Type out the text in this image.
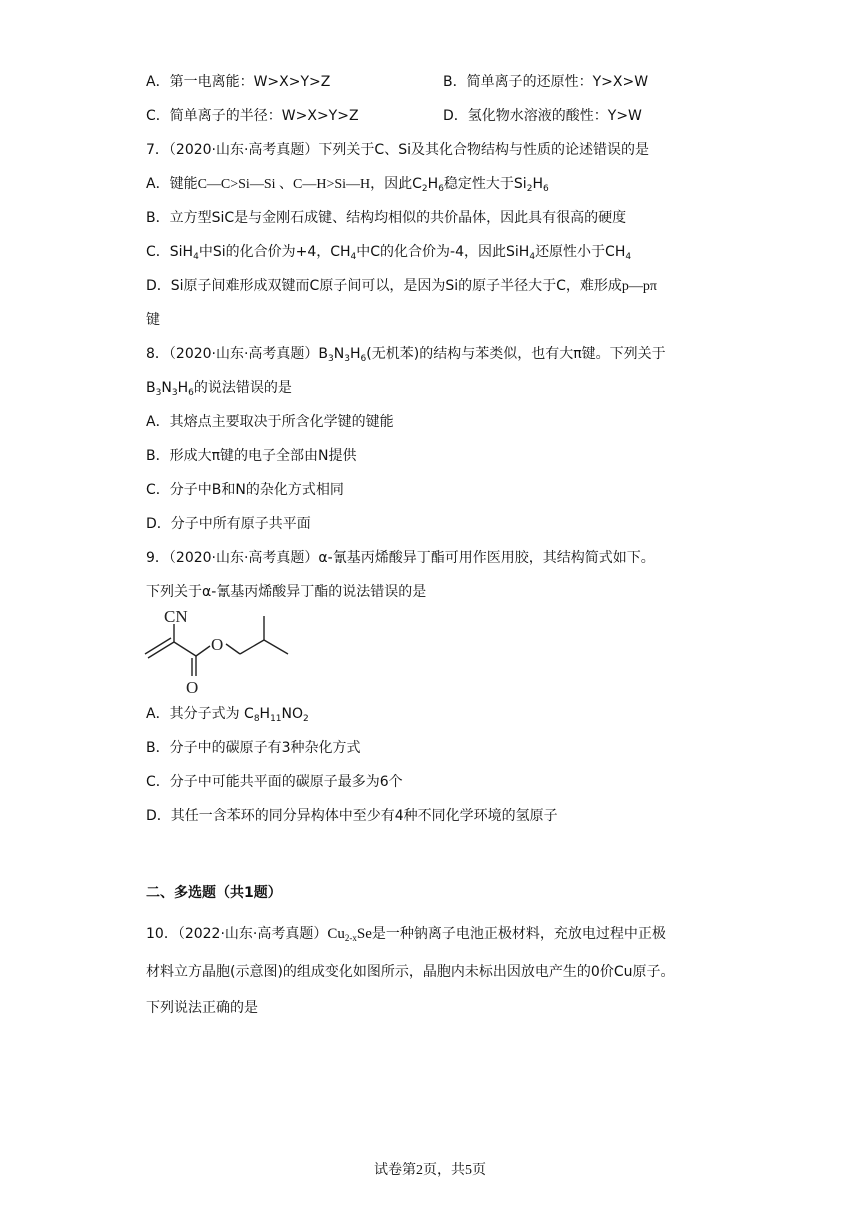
A．第一电离能：W>X>Y>Z	B．简单离子的还原性：Y>X>W
C．简单离子的半径：W>X>Y>Z	D．氢化物水溶液的酸性：Y>W
7．（2020·山东·高考真题）下列关于C、Si及其化合物结构与性质的论述错误的是
A．键能C—C>Si—Si 、C—H>Si—H，因此$C_2H_6$稳定性大于$Si_2H_6$
B．立方型SiC是与金刚石成键、结构均相似的共价晶体，因此具有很高的硬度
C．SiH$_4$中Si的化合价为+4，$CH_4$中C的化合价为-4，因此SiH$_4$还原性小于$CH_4$
D．Si原子间难形成双键而C原子间可以，是因为Si的原子半径大于C，难形成p—pπ
键
8．（2020·山东·高考真题）$B_3N_3H_6$(无机苯)的结构与苯类似，也有大π键。下列关于
$B_3N_3H_6$的说法错误的是
A．其熔点主要取决于所含化学键的键能
B．形成大π键的电子全部由N提供
C．分子中B和N的杂化方式相同
D．分子中所有原子共平面
9．（2020·山东·高考真题）α-氰基丙烯酸异丁酯可用作医用胶，其结构简式如下。
下列关于α-氰基丙烯酸异丁酯的说法错误的是
CN
O
O
A．其分子式为 $C_8H_{11}NO_2$
B．分子中的碳原子有3种杂化方式
C．分子中可能共平面的碳原子最多为6个
D．其任一含苯环的同分异构体中至少有4种不同化学环境的氢原子
二、多选题（共1题）
10．（2022·山东·高考真题）$Cu_{2-x}Se$是一种钠离子电池正极材料，充放电过程中正极
材料立方晶胞(示意图)的组成变化如图所示，晶胞内未标出因放电产生的0价Cu原子。
下列说法正确的是
试卷第2页，共5页
